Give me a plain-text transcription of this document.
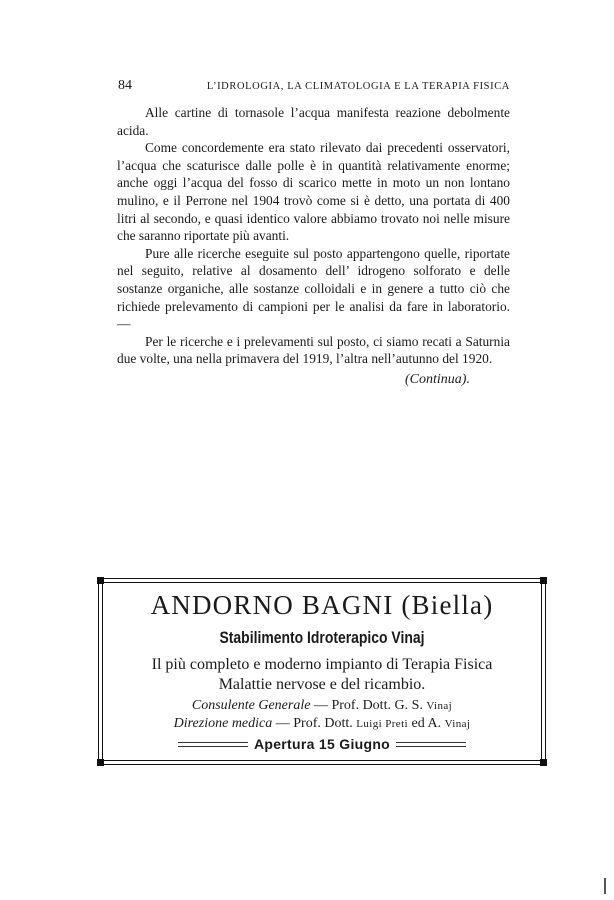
84	L’IDROLOGIA, LA CLIMATOLOGIA E LA TERAPIA FISICA

Alle cartine di tornasole l’acqua manifesta reazione debolmente acida.

Come concordemente era stato rilevato dai precedenti osservatori, l’acqua che scaturisce dalle polle è in quantità relativamente enorme; anche oggi l’acqua del fosso di scarico mette in moto un non lontano mulino, e il Perrone nel 1904 trovò come si è detto, una portata di 400 litri al secondo, e quasi identico valore abbiamo trovato noi nelle misure che saranno riportate più avanti.

Pure alle ricerche eseguite sul posto appartengono quelle, riportate nel seguito, relative al dosamento dell’ idrogeno solforato e delle sostanze organiche, alle sostanze colloidali e in genere a tutto ciò che richiede prelevamento di campioni per le analisi da fare in laboratorio. —

Per le ricerche e i prelevamenti sul posto, ci siamo recati a Saturnia due volte, una nella primavera del 1919, l’altra nell’autunno del 1920.

(Continua).
ANDORNO BAGNI (Biella)
Stabilimento Idroterapico Vinaj
Il più completo e moderno impianto di Terapia Fisica
Malattie nervose e del ricambio.
Consulente Generale — Prof. Dott. G. S. Vinaj
Direzione medica — Prof. Dott. Luigi Preti ed A. Vinaj
Apertura 15 Giugno
